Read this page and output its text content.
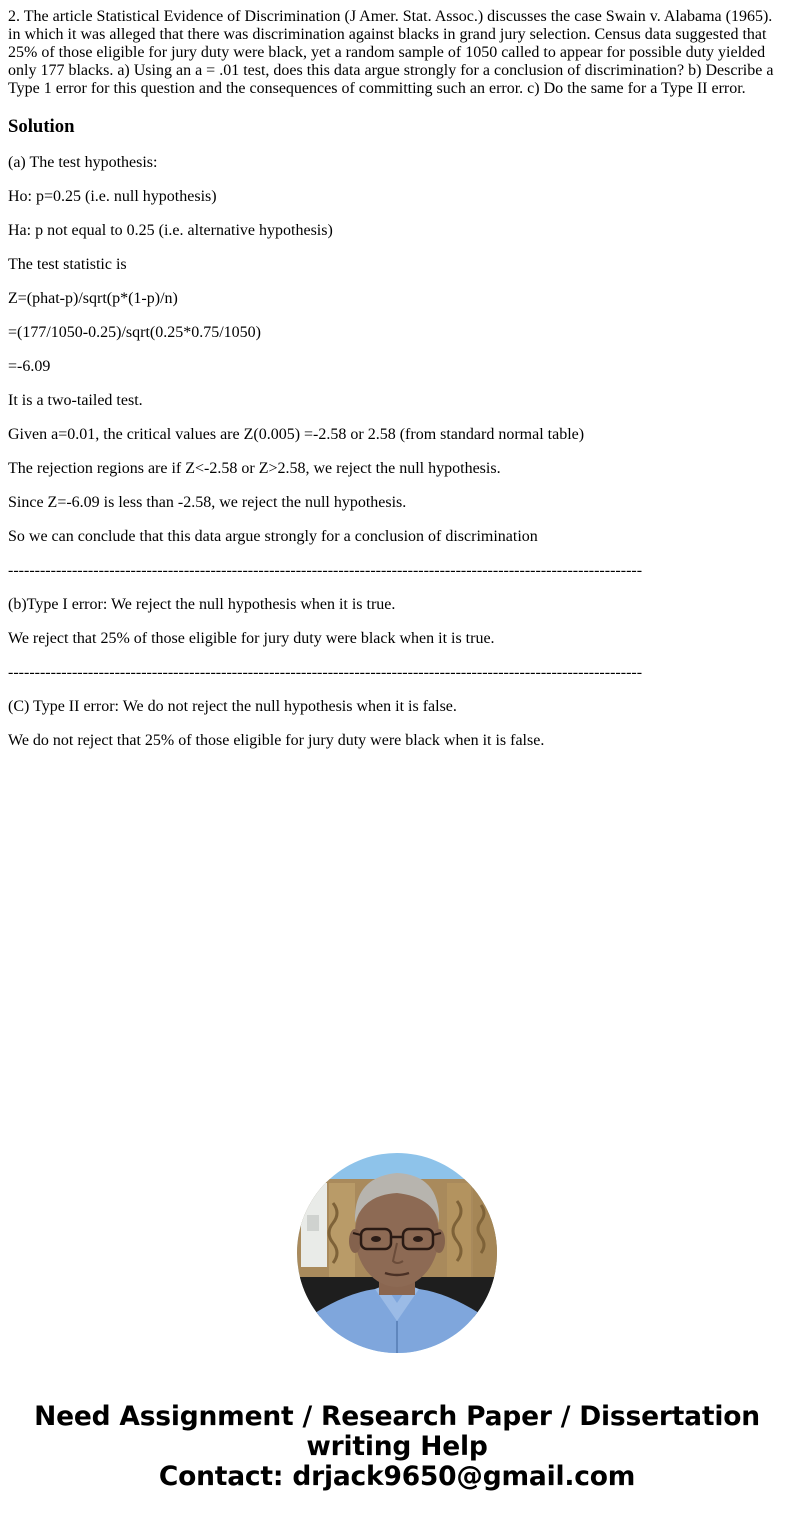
2. The article Statistical Evidence of Discrimination (J Amer. Stat. Assoc.) discusses the case Swain v. Alabama (1965). in which it was alleged that there was discrimination against blacks in grand jury selection. Census data suggested that 25% of those eligible for jury duty were black, yet a random sample of 1050 called to appear for possible duty yielded only 177 blacks. a) Using an a = .01 test, does this data argue strongly for a conclusion of discrimination? b) Describe a Type 1 error for this question and the consequences of committing such an error. c) Do the same for a Type II error.

Solution

(a) The test hypothesis:

Ho: p=0.25 (i.e. null hypothesis)

Ha: p not equal to 0.25 (i.e. alternative hypothesis)

The test statistic is

Z=(phat-p)/sqrt(p*(1-p)/n)

=(177/1050-0.25)/sqrt(0.25*0.75/1050)

=-6.09

It is a two-tailed test.

Given a=0.01, the critical values are Z(0.005) =-2.58 or 2.58 (from standard normal table)

The rejection regions are if Z<-2.58 or Z>2.58, we reject the null hypothesis.

Since Z=-6.09 is less than -2.58, we reject the null hypothesis.

So we can conclude that this data argue strongly for a conclusion of discrimination

-----------------------------------------------------------------------------------------------------------------------

(b)Type I error: We reject the null hypothesis when it is true.

We reject that 25% of those eligible for jury duty were black when it is true.

-----------------------------------------------------------------------------------------------------------------------

(C) Type II error: We do not reject the null hypothesis when it is false.

We do not reject that 25% of those eligible for jury duty were black when it is false.

Need Assignment / Research Paper / Dissertation
writing Help
Contact: drjack9650@gmail.com
